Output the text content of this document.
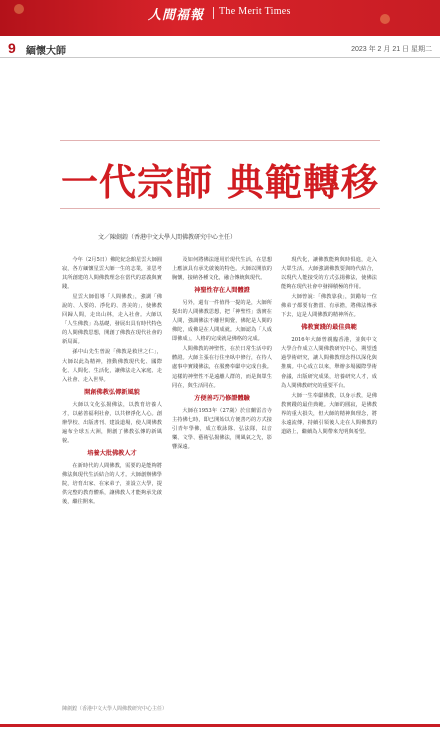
人間福報 The Merit Times
9 緬懷大師	2023 年 2 月 21 日 星期二
一代宗師 典範轉移
文／陳劍鍠（香港中文大學人間佛教研究中心主任）

今年（2月5日）佛陀紀念館星雲大師圓寂，各方緬懷星雲大師一生的志業，並思考其所創建的人間佛教理念在當代的意義與實踐。

星雲大師倡導「人間佛教」，強調「佛說的、人要的、淨化的、善美的」，使佛教回歸人間，走出山林，走入社會。大師以「人生佛教」為基礎，發展出具有時代特色的人間佛教思想，開創了佛教在現代社會的新局面。

孫中山先生曾說「佛教是救世之仁」，大師以此為精神，推動佛教現代化、國際化、人間化、生活化，讓佛法走入家庭、走入社會、走入世界。

開創佛教弘傳新風貌

大師以文化弘揚佛法，以教育培養人才，以慈善福利社會，以共修淨化人心。創辦學校、出版書刊、建設道場，使人間佛教遍布全球五大洲，開創了佛教弘傳的新風貌。

培養大批佛教人才

在新時代的人間佛教，需要的是能夠將佛法與現代生活結合的人才。大師創辦佛學院，培育出家、在家弟子，並設立大學，提供完整的教育體系，讓佛教人才能夠承先啟後，繼往開來。

及如何將佛法運用於現代生活，在思想上應該具有承先啟後的特色。大師以開放的胸懷，接納各種文化，融合傳統與現代。

神聖性存在人間體證

另外，還有一件值得一提的是，大師所提出的人間佛教思想，把「神聖性」落實在人間，強調佛法不離世間覺，佛陀是人間的佛陀，成佛是在人間成就。大師認為「人成即佛成」，人格的完成就是佛格的完成。

人間佛教的神聖性，在於日常生活中的體證。大師主張在行住坐臥中修行，在待人處事中實踐佛法，在服務奉獻中完成自我。這樣的神聖性不是遠離人群的，而是與眾生同在，與生活同在。

方便善巧乃修證體驗

大師在1953年（27歲）於宜蘭雷音寺主持佛七時，即已開始以方便善巧的方式接引青年學佛，成立歌詠隊、弘法隊，以音樂、文學、藝術弘揚佛法，開風氣之先，影響深遠。

現代化，讓佛教能夠與時俱進，走入大眾生活。大師強調佛教要與時代結合，以現代人能接受的方式弘揚佛法，使佛法能夠在現代社會中發揮積極的作用。

大師曾說：「佛教靠我」，鼓勵每一位佛弟子都要有擔當、有承擔，將佛法傳承下去，這是人間佛教的精神所在。

佛教實踐的最佳典範

2016年大師曾親臨香港，並與中文大學合作成立人間佛教研究中心，期望透過學術研究，讓人間佛教理念得以深化與推廣。中心成立以來，舉辦多場國際學術會議，出版研究成果，培養研究人才，成為人間佛教研究的重要平台。

大師一生奉獻佛教，以身示教，是佛教實踐的最佳典範。大師的圓寂，是佛教界的重大損失，但大師的精神與理念，將永遠流傳，持續引領後人走在人間佛教的道路上，繼續為人間帶來光明與希望。

陳劍鍠（香港中文大學人間佛教研究中心主任）
